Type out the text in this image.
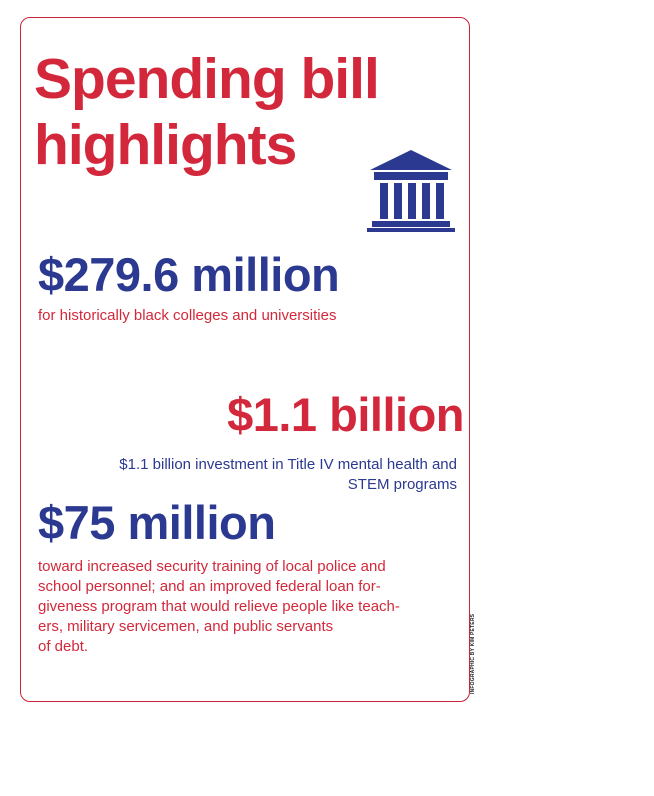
Spending bill
highlights

$279.6 million

for historically black colleges and universities

$1.1 billion

$1.1 billion investment in Title IV mental health and
STEM programs

$75 million

toward increased security training of local police and
school personnel; and an improved federal loan for-
giveness program that would relieve people like teach-
ers, military servicemen, and public servants
of debt.	INFOGRAPHIC BY KIM PETERS
